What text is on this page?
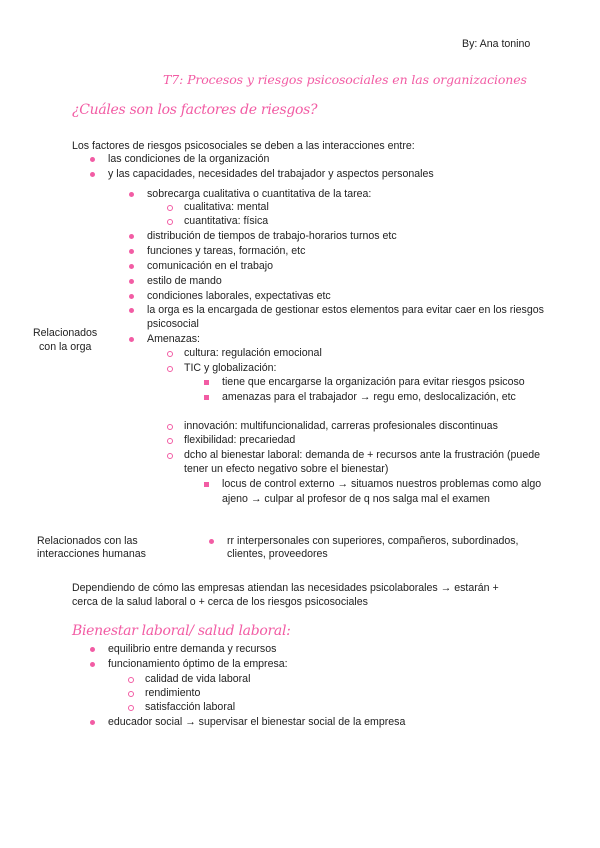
By: Ana tonino
T7: Procesos y riesgos psicosociales en las organizaciones
¿Cuáles son los factores de riesgos?
Los factores de riesgos psicosociales se deben a las interacciones entre:
las condiciones de la organización
y las capacidades, necesidades del trabajador y aspectos personales
sobrecarga cualitativa o cuantitativa de la tarea:
cualitativa: mental
cuantitativa: física
distribución de tiempos de trabajo-horarios turnos etc
funciones y tareas, formación, etc
comunicación en el trabajo
estilo de mando
condiciones laborales, expectativas etc
la orga es la encargada de gestionar estos elementos para evitar caer en los riesgos
psicosocial
Relacionados
con la orga
Amenazas:
cultura: regulación emocional
TIC y globalización:
tiene que encargarse la organización para evitar riesgos psicoso
amenazas para el trabajador → regu emo, deslocalización, etc
innovación: multifuncionalidad, carreras profesionales discontinuas
flexibilidad: precariedad
dcho al bienestar laboral: demanda de + recursos ante la frustración (puede
tener un efecto negativo sobre el bienestar)
locus de control externo → situamos nuestros problemas como algo
ajeno → culpar al profesor de q nos salga mal el examen
Relacionados con las
interacciones humanas
rr interpersonales con superiores, compañeros, subordinados,
clientes, proveedores
Dependiendo de cómo las empresas atiendan las necesidades psicolaborales → estarán +
cerca de la salud laboral o + cerca de los riesgos psicosociales
Bienestar laboral/ salud laboral:
equilibrio entre demanda y recursos
funcionamiento óptimo de la empresa:
calidad de vida laboral
rendimiento
satisfacción laboral
educador social → supervisar el bienestar social de la empresa
